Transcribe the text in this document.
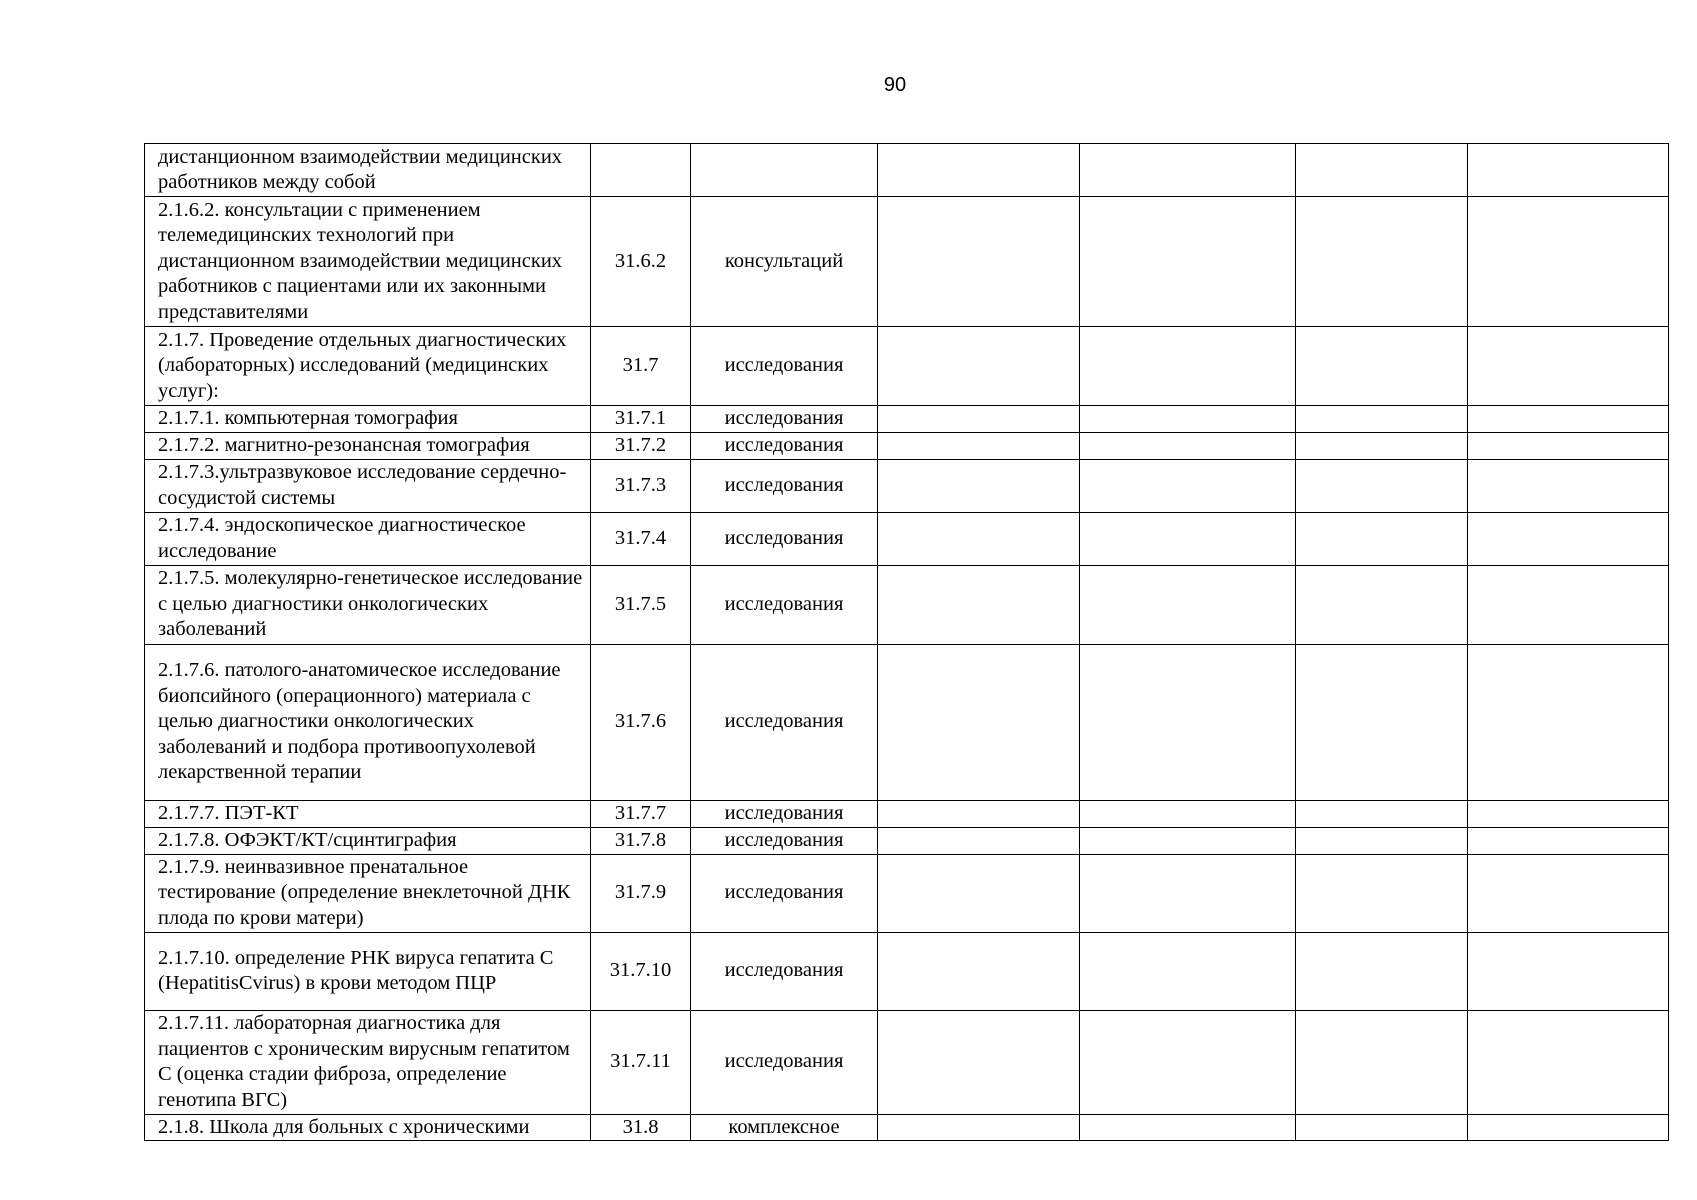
90
дистанционном взаимодействии медицинских работников между собой						
2.1.6.2. консультации с применением телемедицинских технологий при дистанционном взаимодействии медицинских работников с пациентами или их законными представителями	31.6.2	консультаций				
2.1.7. Проведение отдельных диагностических (лабораторных) исследований (медицинских услуг):	31.7	исследования				
2.1.7.1. компьютерная томография	31.7.1	исследования				
2.1.7.2. магнитно-резонансная томография	31.7.2	исследования				
2.1.7.3.ультразвуковое исследование сердечно-сосудистой системы	31.7.3	исследования				
2.1.7.4. эндоскопическое диагностическое исследование	31.7.4	исследования				
2.1.7.5. молекулярно-генетическое исследование с целью диагностики онкологических заболеваний	31.7.5	исследования				
2.1.7.6. патолого-анатомическое исследование биопсийного (операционного) материала с целью диагностики онкологических заболеваний и подбора противоопухолевой лекарственной терапии	31.7.6	исследования				
2.1.7.7. ПЭТ-КТ	31.7.7	исследования				
2.1.7.8. ОФЭКТ/КТ/сцинтиграфия	31.7.8	исследования				
2.1.7.9. неинвазивное пренатальное тестирование (определение внеклеточной ДНК плода по крови матери)	31.7.9	исследования				
2.1.7.10. определение РНК вируса гепатита С (HepatitisCvirus) в крови методом ПЦР	31.7.10	исследования				
2.1.7.11. лабораторная диагностика для пациентов с хроническим вирусным гепатитом С (оценка стадии фиброза, определение генотипа ВГС)	31.7.11	исследования				
2.1.8. Школа для больных с хроническими	31.8	комплексное				
